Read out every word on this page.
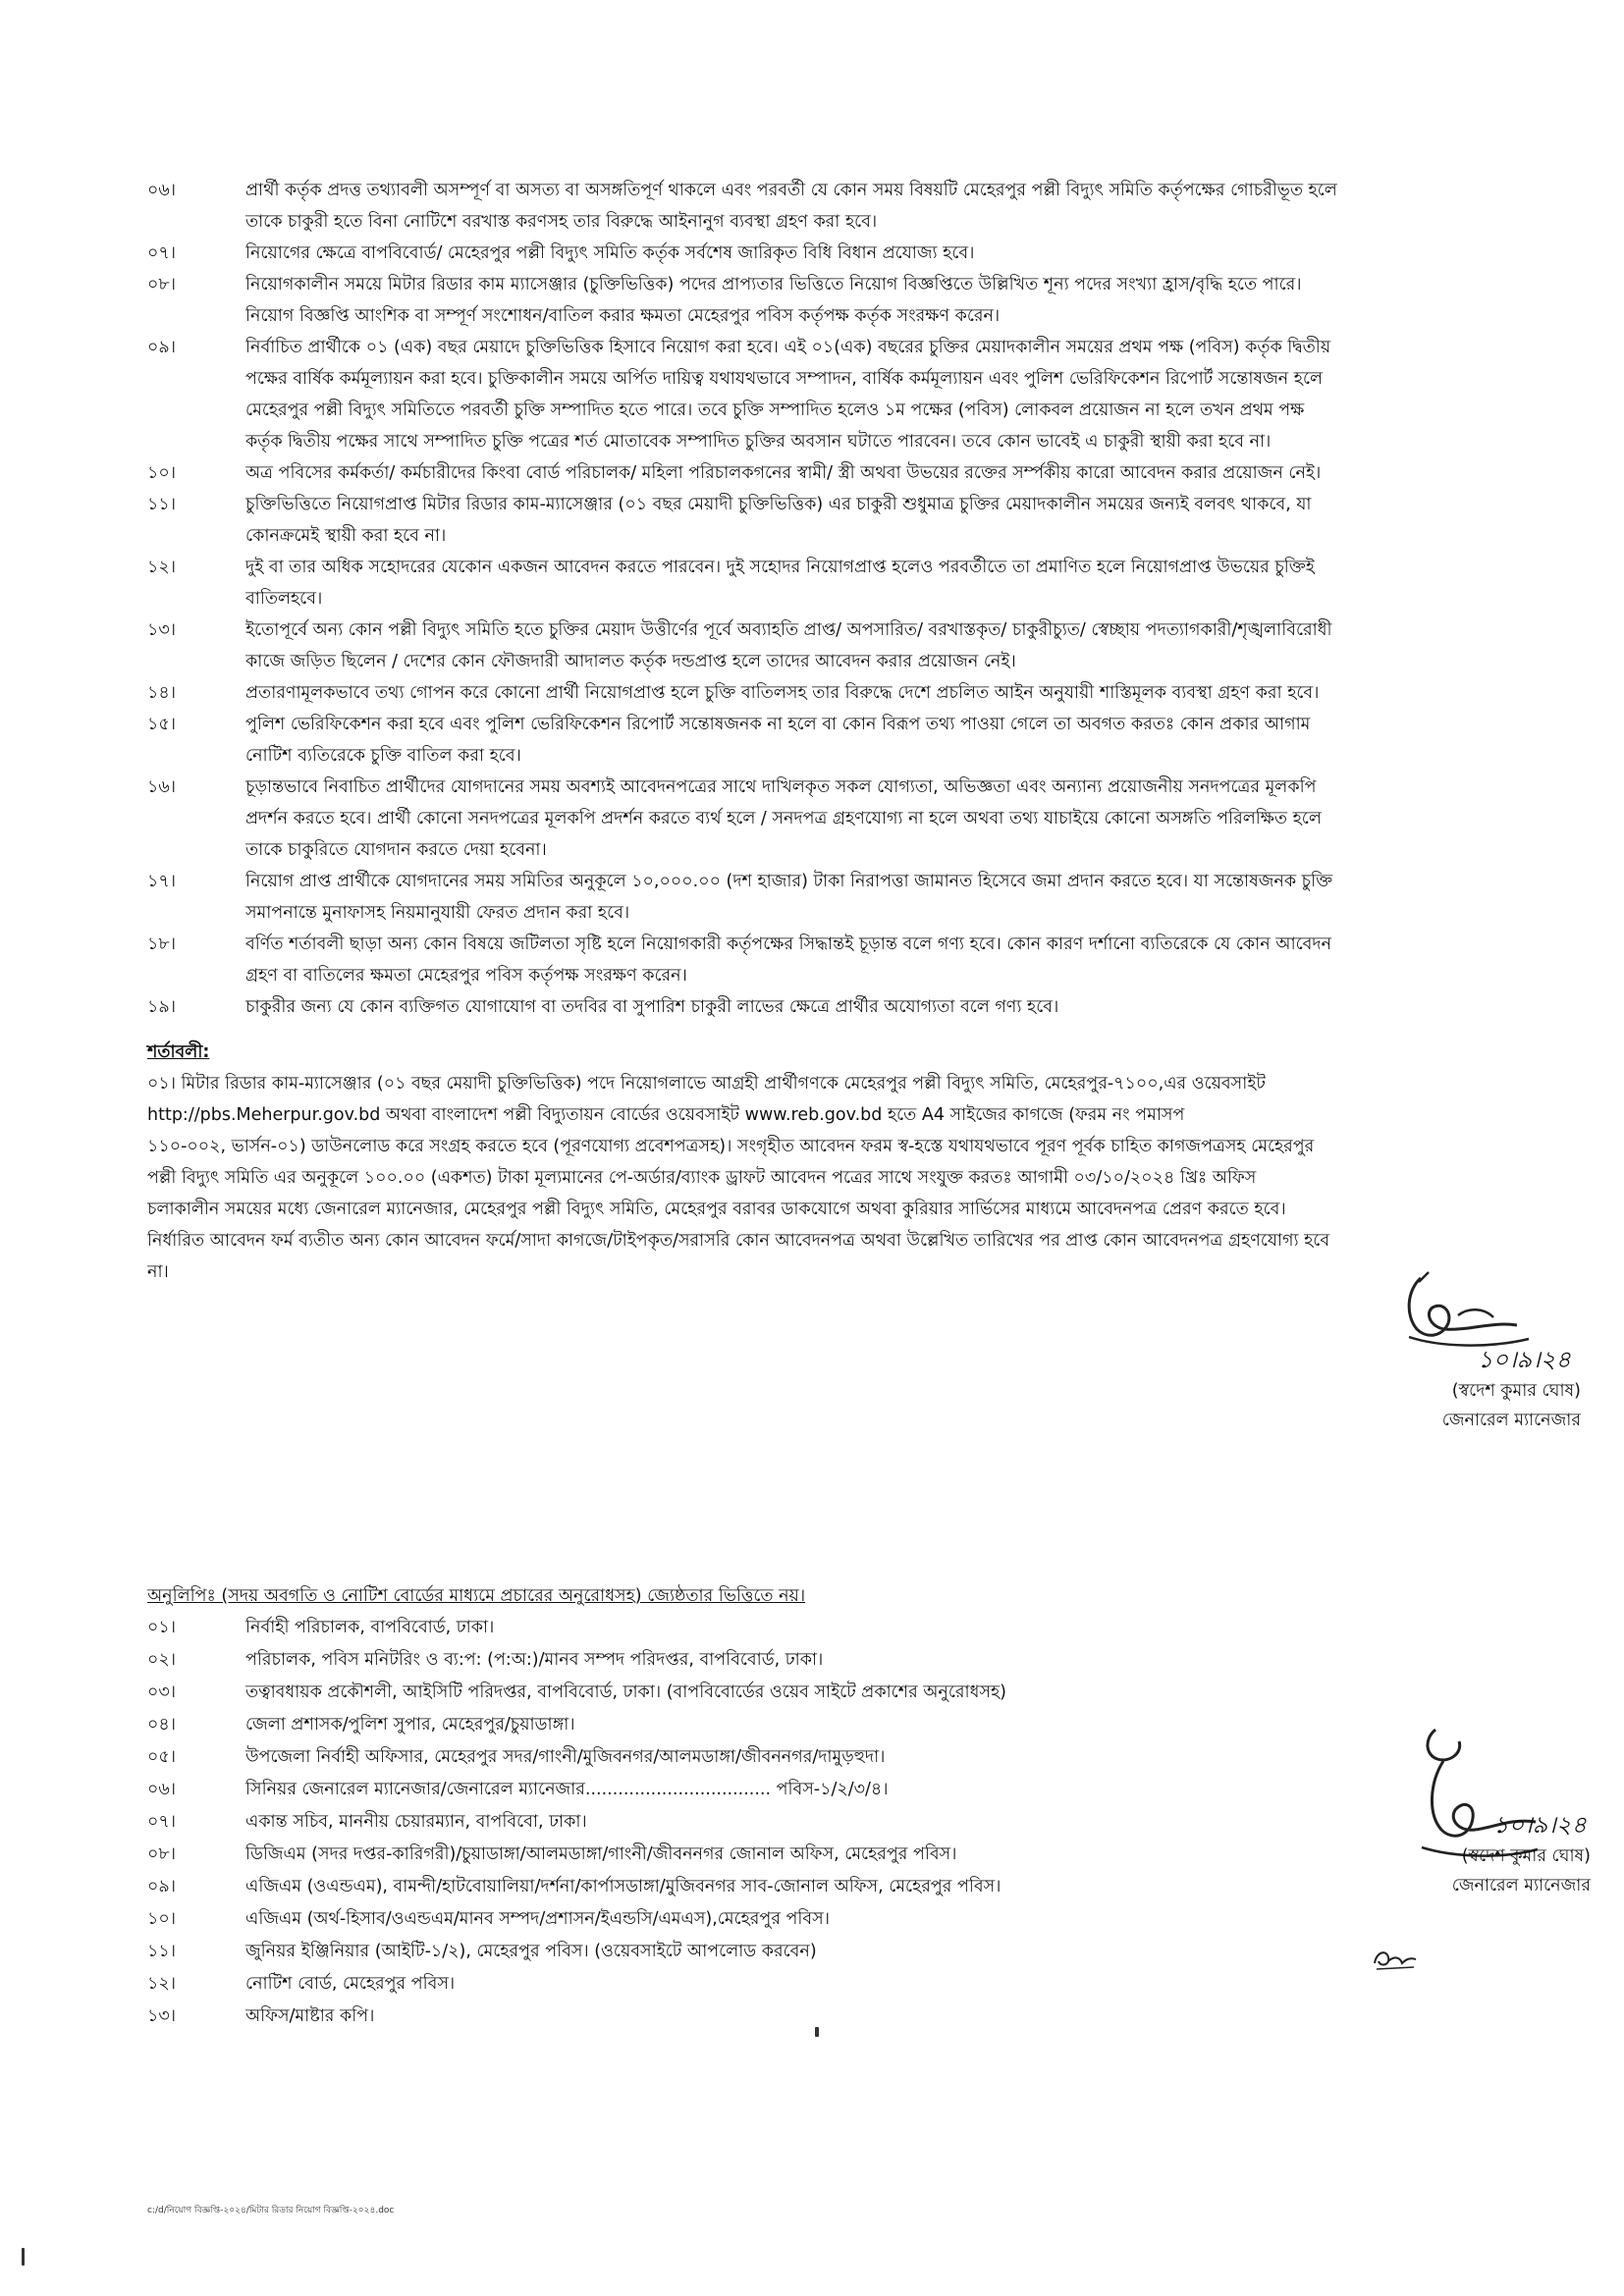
০৬।	প্রার্থী কর্তৃক প্রদত্ত তথ্যাবলী অসম্পূর্ণ বা অসত্য বা অসঙ্গতিপূর্ণ থাকলে এবং পরবর্তী যে কোন সময় বিষয়টি মেহেরপুর পল্লী বিদ্যুৎ সমিতি কর্তৃপক্ষের গোচরীভূত হলে
তাকে চাকুরী হতে বিনা নোটিশে বরখাস্ত করণসহ তার বিরুদ্ধে আইনানুগ ব্যবস্থা গ্রহণ করা হবে।
০৭।	নিয়োগের ক্ষেত্রে বাপবিবোর্ড/ মেহেরপুর পল্লী বিদ্যুৎ সমিতি কর্তৃক সর্বশেষ জারিকৃত বিধি বিধান প্রযোজ্য হবে।
০৮।	নিয়োগকালীন সময়ে মিটার রিডার কাম ম্যাসেঞ্জার (চুক্তিভিত্তিক) পদের প্রাপ্যতার ভিত্তিতে নিয়োগ বিজ্ঞপ্তিতে উল্লিখিত শূন্য পদের সংখ্যা হ্রাস/বৃদ্ধি হতে পারে।
নিয়োগ বিজ্ঞপ্তি আংশিক বা সম্পূর্ণ সংশোধন/বাতিল করার ক্ষমতা মেহেরপুর পবিস কর্তৃপক্ষ কর্তৃক সংরক্ষণ করেন।
০৯।	নির্বাচিত প্রার্থীকে ০১ (এক) বছর মেয়াদে চুক্তিভিত্তিক হিসাবে নিয়োগ করা হবে। এই ০১(এক) বছরের চুক্তির মেয়াদকালীন সময়ের প্রথম পক্ষ (পবিস) কর্তৃক দ্বিতীয়
পক্ষের বার্ষিক কর্মমূল্যায়ন করা হবে। চুক্তিকালীন সময়ে অর্পিত দায়িত্ব যথাযথভাবে সম্পাদন, বার্ষিক কর্মমূল্যায়ন এবং পুলিশ ভেরিফিকেশন রিপোর্ট সন্তোষজন হলে
মেহেরপুর পল্লী বিদ্যুৎ সমিতিতে পরবর্তী চুক্তি সম্পাদিত হতে পারে। তবে চুক্তি সম্পাদিত হলেও ১ম পক্ষের (পবিস) লোকবল প্রয়োজন না হলে তখন প্রথম পক্ষ
কর্তৃক দ্বিতীয় পক্ষের সাথে সম্পাদিত চুক্তি পত্রের শর্ত মোতাবেক সম্পাদিত চুক্তির অবসান ঘটাতে পারবেন। তবে কোন ভাবেই এ চাকুরী স্থায়ী করা হবে না।
১০।	অত্র পবিসের কর্মকর্তা/ কর্মচারীদের কিংবা বোর্ড পরিচালক/ মহিলা পরিচালকগনের স্বামী/ স্ত্রী অথবা উভয়ের রক্তের সর্ম্পকীয় কারো আবেদন করার প্রয়োজন নেই।
১১।	চুক্তিভিত্তিতে নিয়োগপ্রাপ্ত মিটার রিডার কাম-ম্যাসেঞ্জার (০১ বছর মেয়াদী চুক্তিভিত্তিক) এর চাকুরী শুধুমাত্র চুক্তির মেয়াদকালীন সময়ের জন্যই বলবৎ থাকবে, যা
কোনক্রমেই স্থায়ী করা হবে না।
১২।	দুই বা তার অধিক সহোদরের যেকোন একজন আবেদন করতে পারবেন। দুই সহোদর নিয়োগপ্রাপ্ত হলেও পরবর্তীতে তা প্রমাণিত হলে নিয়োগপ্রাপ্ত উভয়ের চুক্তিই
বাতিলহবে।
১৩।	ইতোপূর্বে অন্য কোন পল্লী বিদ্যুৎ সমিতি হতে চুক্তির মেয়াদ উত্তীর্ণের পূর্বে অব্যাহতি প্রাপ্ত/ অপসারিত/ বরখাস্তকৃত/ চাকুরীচ্যুত/ স্বেচ্ছায় পদত্যাগকারী/শৃঙ্খলাবিরোধী
কাজে জড়িত ছিলেন / দেশের কোন ফৌজদারী আদালত কর্তৃক দন্ডপ্রাপ্ত হলে তাদের আবেদন করার প্রয়োজন নেই।
১৪।	প্রতারণামূলকভাবে তথ্য গোপন করে কোনো প্রার্থী নিয়োগপ্রাপ্ত হলে চুক্তি বাতিলসহ তার বিরুদ্ধে দেশে প্রচলিত আইন অনুযায়ী শাস্তিমূলক ব্যবস্থা গ্রহণ করা হবে।
১৫।	পুলিশ ভেরিফিকেশন করা হবে এবং পুলিশ ভেরিফিকেশন রিপোর্ট সন্তোষজনক না হলে বা কোন বিরূপ তথ্য পাওয়া গেলে তা অবগত করতঃ কোন প্রকার আগাম
নোটিশ ব্যতিরেকে চুক্তি বাতিল করা হবে।
১৬।	চূড়ান্তভাবে নিবাচিত প্রার্থীদের যোগদানের সময় অবশ্যই আবেদনপত্রের সাথে দাখিলকৃত সকল যোগ্যতা, অভিজ্ঞতা এবং অন্যান্য প্রয়োজনীয় সনদপত্রের মূলকপি
প্রদর্শন করতে হবে। প্রার্থী কোনো সনদপত্রের মূলকপি প্রদর্শন করতে ব্যর্থ হলে / সনদপত্র গ্রহণযোগ্য না হলে অথবা তথ্য যাচাইয়ে কোনো অসঙ্গতি পরিলক্ষিত হলে
তাকে চাকুরিতে যোগদান করতে দেয়া হবেনা।
১৭।	নিয়োগ প্রাপ্ত প্রার্থীকে যোগদানের সময় সমিতির অনুকূলে ১০,০০০.০০ (দশ হাজার) টাকা নিরাপত্তা জামানত হিসেবে জমা প্রদান করতে হবে। যা সন্তোষজনক চুক্তি
সমাপনান্তে মুনাফাসহ নিয়মানুযায়ী ফেরত প্রদান করা হবে।
১৮।	বর্ণিত শর্তাবলী ছাড়া অন্য কোন বিষয়ে জটিলতা সৃষ্টি হলে নিয়োগকারী কর্তৃপক্ষের সিদ্ধান্তই চূড়ান্ত বলে গণ্য হবে। কোন কারণ দর্শানো ব্যতিরেকে যে কোন আবেদন
গ্রহণ বা বাতিলের ক্ষমতা মেহেরপুর পবিস কর্তৃপক্ষ সংরক্ষণ করেন।
১৯।	চাকুরীর জন্য যে কোন ব্যক্তিগত যোগাযোগ বা তদবির বা সুপারিশ চাকুরী লাভের ক্ষেত্রে প্রার্থীর অযোগ্যতা বলে গণ্য হবে।
শর্তাবলী:
০১। মিটার রিডার কাম-ম্যাসেঞ্জার (০১ বছর মেয়াদী চুক্তিভিত্তিক) পদে নিয়োগলাভে আগ্রহী প্রার্থীগণকে মেহেরপুর পল্লী বিদ্যুৎ সমিতি, মেহেরপুর-৭১০০,এর ওয়েবসাইট
http://pbs.Meherpur.gov.bd অথবা বাংলাদেশ পল্লী বিদ্যুতায়ন বোর্ডের ওয়েবসাইট www.reb.gov.bd হতে A4 সাইজের কাগজে (ফরম নং পমাসপ
১১০-০০২, ভার্সন-০১) ডাউনলোড করে সংগ্রহ করতে হবে (পূরণযোগ্য প্রবেশপত্রসহ)। সংগৃহীত আবেদন ফরম স্ব-হস্তে যথাযথভাবে পূরণ পূর্বক চাহিত কাগজপত্রসহ মেহেরপুর
পল্লী বিদ্যুৎ সমিতি এর অনুকূলে ১০০.০০ (একশত) টাকা মূল্যমানের পে-অর্ডার/ব্যাংক ড্রাফট আবেদন পত্রের সাথে সংযুক্ত করতঃ আগামী ০৩/১০/২০২৪ খ্রিঃ অফিস
চলাকালীন সময়ের মধ্যে জেনারেল ম্যানেজার, মেহেরপুর পল্লী বিদ্যুৎ সমিতি, মেহেরপুর বরাবর ডাকযোগে অথবা কুরিয়ার সার্ভিসের মাধ্যমে আবেদনপত্র প্রেরণ করতে হবে।
নির্ধারিত আবেদন ফর্ম ব্যতীত অন্য কোন আবেদন ফর্মে/সাদা কাগজে/টাইপকৃত/সরাসরি কোন আবেদনপত্র অথবা উল্লেখিত তারিখের পর প্রাপ্ত কোন আবেদনপত্র গ্রহণযোগ্য হবে
না।
১০।৯।২৪
(স্বদেশ কুমার ঘোষ)
জেনারেল ম্যানেজার
অনুলিপিঃ (সদয় অবগতি ও নোটিশ বোর্ডের মাধ্যমে প্রচারের অনুরোধসহ) জ্যেষ্ঠতার ভিত্তিতে নয়।
০১।	নির্বাহী পরিচালক, বাপবিবোর্ড, ঢাকা।
০২।	পরিচালক, পবিস মনিটরিং ও ব্য:প: (প:অ:)/মানব সম্পদ পরিদপ্তর, বাপবিবোর্ড, ঢাকা।
০৩।	তত্বাবধায়ক প্রকৌশলী, আইসিটি পরিদপ্তর, বাপবিবোর্ড, ঢাকা। (বাপবিবোর্ডের ওয়েব সাইটে প্রকাশের অনুরোধসহ)
০৪।	জেলা প্রশাসক/পুলিশ সুপার, মেহেরপুর/চুয়াডাঙ্গা।
০৫।	উপজেলা নির্বাহী অফিসার, মেহেরপুর সদর/গাংনী/মুজিবনগর/আলমডাঙ্গা/জীবননগর/দামুড়হুদা।
০৬।	সিনিয়র জেনারেল ম্যানেজার/জেনারেল ম্যানেজার.................................. পবিস-১/২/৩/৪।
০৭।	একান্ত সচিব, মাননীয় চেয়ারম্যান, বাপবিবো, ঢাকা।
০৮।	ডিজিএম (সদর দপ্তর-কারিগরী)/চুয়াডাঙ্গা/আলমডাঙ্গা/গাংনী/জীবননগর জোনাল অফিস, মেহেরপুর পবিস।
০৯।	এজিএম (ওএন্ডএম), বামন্দী/হাটবোয়ালিয়া/দর্শনা/কার্পাসডাঙ্গা/মুজিবনগর সাব-জোনাল অফিস, মেহেরপুর পবিস।
১০।	এজিএম (অর্থ-হিসাব/ওএন্ডএম/মানব সম্পদ/প্রশাসন/ইএন্ডসি/এমএস),মেহেরপুর পবিস।
১১।	জুনিয়র ইঞ্জিনিয়ার (আইটি-১/২), মেহেরপুর পবিস। (ওয়েবসাইটে আপলোড করবেন)
১২।	নোটিশ বোর্ড, মেহেরপুর পবিস।
১৩।	অফিস/মাষ্টার কপি।
১০।৯।২৪
(স্বদেশ কুমার ঘোষ)
জেনারেল ম্যানেজার
c:/d/নিয়োগ বিজ্ঞপ্তি-২০২৪/মিটার রিডার নিয়োগ বিজ্ঞপ্তি-২০২৪.doc
